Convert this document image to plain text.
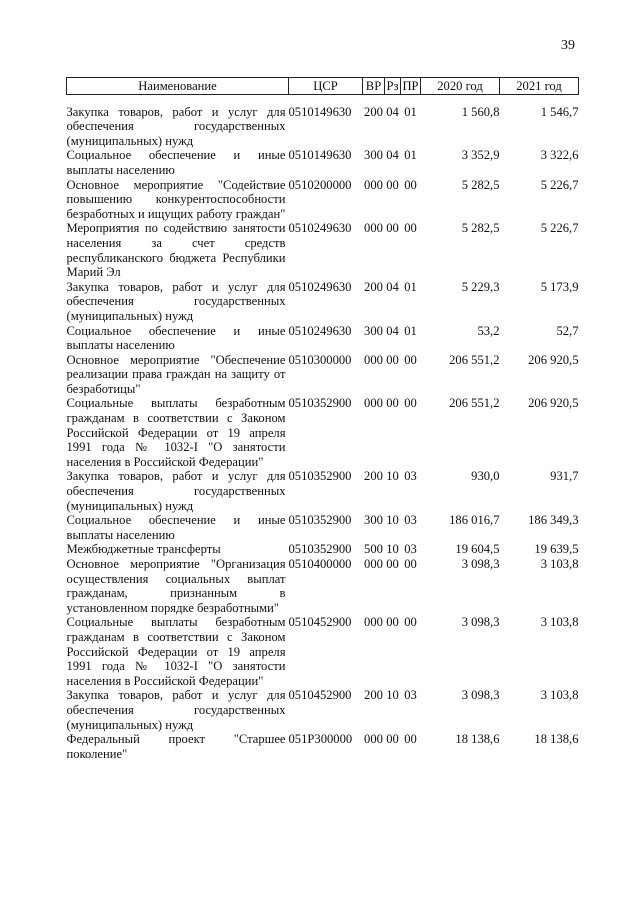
39
Наименование	ЦСР	ВР	Рз	ПР	2020 год	2021 год
Закупка товаров, работ и услуг для обеспечения государственных (муниципальных) нужд	0510149630	200	04	01	1 560,8	1 546,7
Социальное обеспечение и иные выплаты населению	0510149630	300	04	01	3 352,9	3 322,6
Основное мероприятие "Содействие повышению конкурентоспособности безработных и ищущих работу граждан"	0510200000	000	00	00	5 282,5	5 226,7
Мероприятия по содействию занятости населения за счет средств республиканского бюджета Республики Марий Эл	0510249630	000	00	00	5 282,5	5 226,7
Закупка товаров, работ и услуг для обеспечения государственных (муниципальных) нужд	0510249630	200	04	01	5 229,3	5 173,9
Социальное обеспечение и иные выплаты населению	0510249630	300	04	01	53,2	52,7
Основное мероприятие "Обеспечение реализации права граждан на защиту от безработицы"	0510300000	000	00	00	206 551,2	206 920,5
Социальные выплаты безработным гражданам в соответствии с Законом Российской Федерации от 19 апреля 1991 года № 1032-I "О занятости населения в Российской Федерации"	0510352900	000	00	00	206 551,2	206 920,5
Закупка товаров, работ и услуг для обеспечения государственных (муниципальных) нужд	0510352900	200	10	03	930,0	931,7
Социальное обеспечение и иные выплаты населению	0510352900	300	10	03	186 016,7	186 349,3
Межбюджетные трансферты	0510352900	500	10	03	19 604,5	19 639,5
Основное мероприятие "Организация осуществления социальных выплат гражданам, признанным в установленном порядке безработными"	0510400000	000	00	00	3 098,3	3 103,8
Социальные выплаты безработным гражданам в соответствии с Законом Российской Федерации от 19 апреля 1991 года № 1032-I "О занятости населения в Российской Федерации"	0510452900	000	00	00	3 098,3	3 103,8
Закупка товаров, работ и услуг для обеспечения государственных (муниципальных) нужд	0510452900	200	10	03	3 098,3	3 103,8
Федеральный проект "Старшее поколение"	051P300000	000	00	00	18 138,6	18 138,6
